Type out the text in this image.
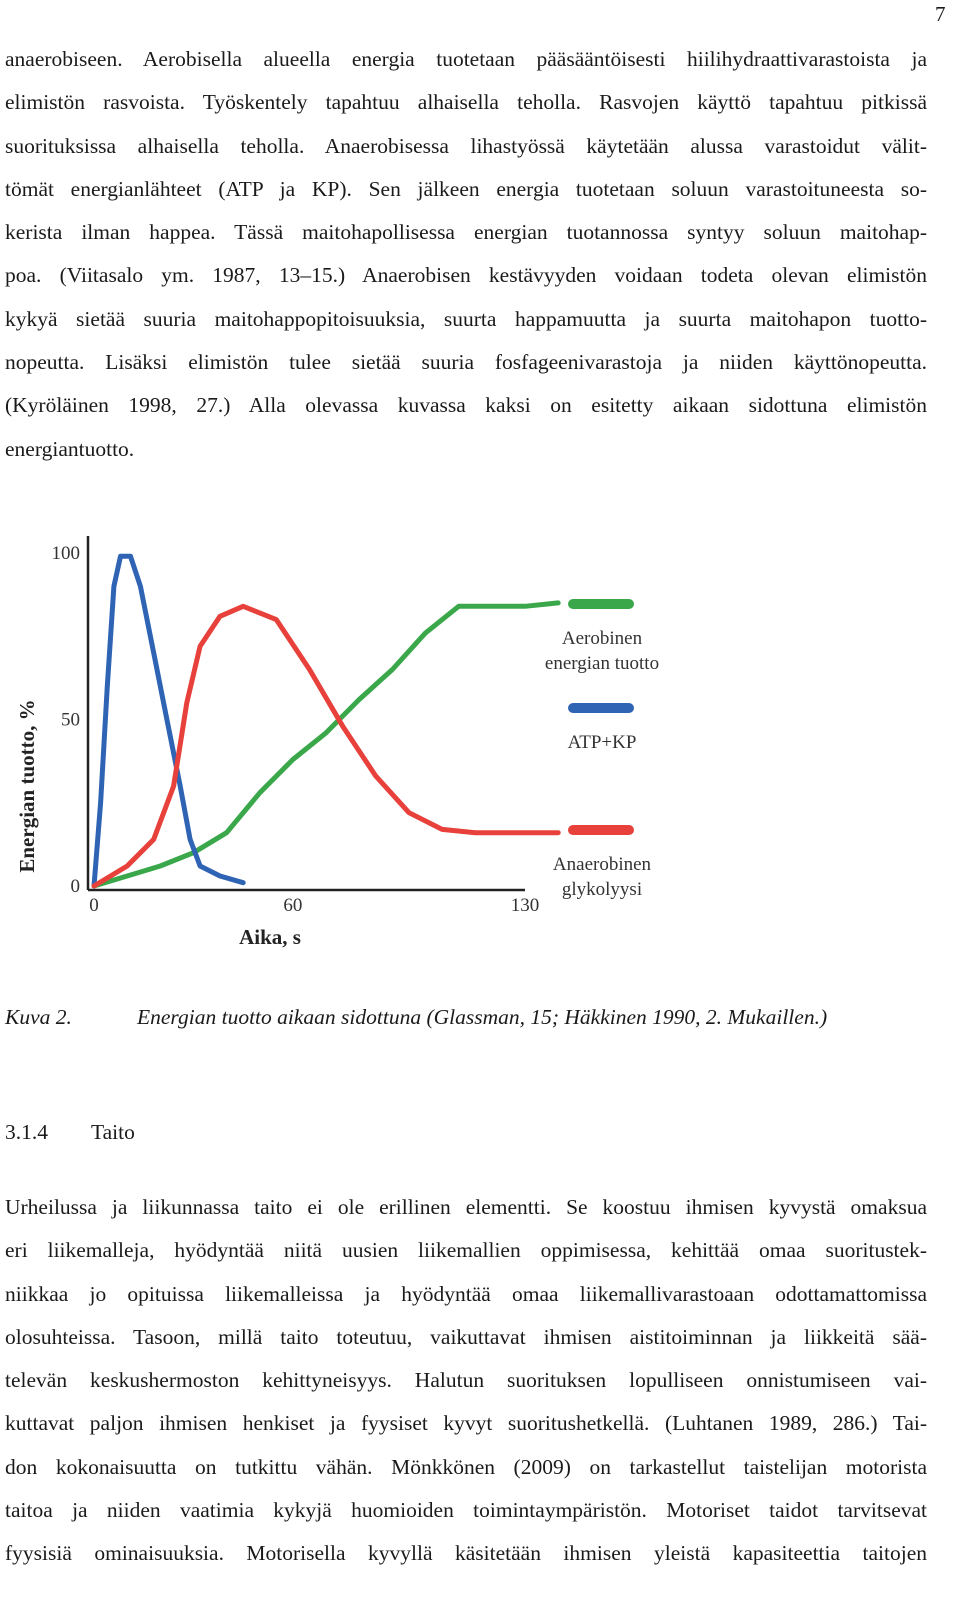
7
anaerobiseen. Aerobisella alueella energia tuotetaan pääsääntöisesti hiilihydraattivarastoista ja
elimistön rasvoista. Työskentely tapahtuu alhaisella teholla. Rasvojen käyttö tapahtuu pitkissä
suorituksissa alhaisella teholla. Anaerobisessa lihastyössä käytetään alussa varastoidut välit-
tömät energianlähteet (ATP ja KP). Sen jälkeen energia tuotetaan soluun varastoituneesta so-
kerista ilman happea. Tässä maitohapollisessa energian tuotannossa syntyy soluun maitohap-
poa. (Viitasalo ym. 1987, 13–15.) Anaerobisen kestävyyden voidaan todeta olevan elimistön
kykyä sietää suuria maitohappopitoisuuksia, suurta happamuutta ja suurta maitohapon tuotto-
nopeutta. Lisäksi elimistön tulee sietää suuria fosfageenivarastoja ja niiden käyttönopeutta.
(Kyröläinen 1998, 27.) Alla olevassa kuvassa kaksi on esitetty aikaan sidottuna elimistön
energiantuotto.
100
50
0
0	60	130
Aika, s
Energian tuotto, %
Aerobinen energian tuotto
ATP+KP
Anaerobinen glykolyysi
Kuva 2.	Energian tuotto aikaan sidottuna (Glassman, 15; Häkkinen 1990, 2. Mukaillen.)
3.1.4 Taito
Urheilussa ja liikunnassa taito ei ole erillinen elementti. Se koostuu ihmisen kyvystä omaksua
eri liikemalleja, hyödyntää niitä uusien liikemallien oppimisessa, kehittää omaa suoritustek-
niikkaa jo opituissa liikemalleissa ja hyödyntää omaa liikemallivarastoaan odottamattomissa
olosuhteissa. Tasoon, millä taito toteutuu, vaikuttavat ihmisen aistitoiminnan ja liikkeitä sää-
televän keskushermoston kehittyneisyys. Halutun suorituksen lopulliseen onnistumiseen vai-
kuttavat paljon ihmisen henkiset ja fyysiset kyvyt suoritushetkellä. (Luhtanen 1989, 286.) Tai-
don kokonaisuutta on tutkittu vähän. Mönkkönen (2009) on tarkastellut taistelijan motorista
taitoa ja niiden vaatimia kykyjä huomioiden toimintaympäristön. Motoriset taidot tarvitsevat
fyysisiä ominaisuuksia. Motorisella kyvyllä käsitetään ihmisen yleistä kapasiteettia taitojen
